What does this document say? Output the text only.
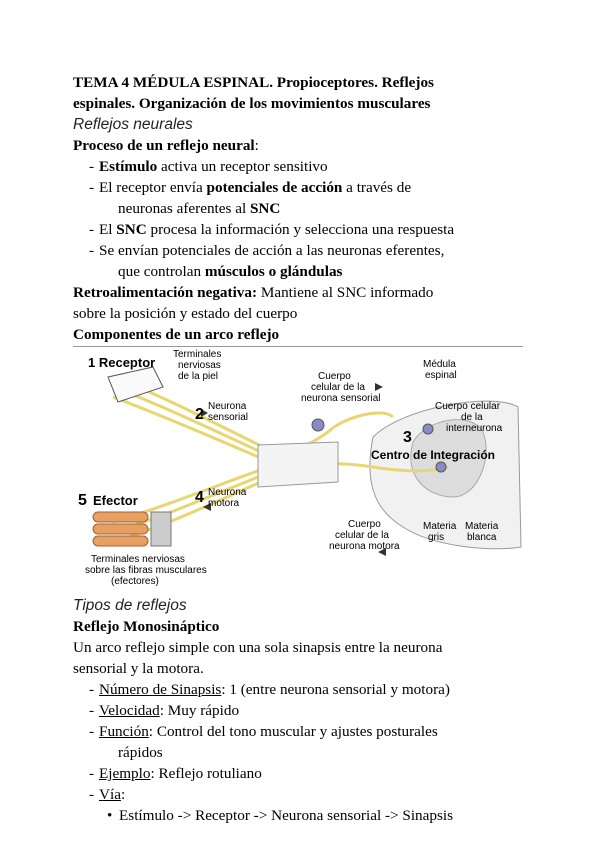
TEMA 4 MÉDULA ESPINAL. Propioceptores. Reflejos
espinales. Organización de los movimientos musculares
Reflejos neurales
Proceso de un reflejo neural:
- Estímulo activa un receptor sensitivo
- El receptor envía potenciales de acción a través de
neuronas aferentes al SNC
- El SNC procesa la información y selecciona una respuesta
- Se envían potenciales de acción a las neuronas eferentes,
que controlan músculos o glándulas
Retroalimentación negativa: Mantiene al SNC informado
sobre la posición y estado del cuerpo
Componentes de un arco reflejo
1 Receptor
Terminales
nerviosas
de la piel
Neurona
sensorial
Cuerpo
celular de la
neurona sensorial
Médula
espinal
Cuerpo celular
de la
interneurona
Neurona
motora
Cuerpo
celular de la
neurona motora
Materia
gris
Materia
blanca
Terminales nerviosas
sobre las fibras musculares
(efectores)
2
3
Centro de Integración
5 Efector	4
Tipos de reflejos
Reflejo Monosináptico
Un arco reflejo simple con una sola sinapsis entre la neurona
sensorial y la motora.
- Número de Sinapsis: 1 (entre neurona sensorial y motora)
- Velocidad: Muy rápido
- Función: Control del tono muscular y ajustes posturales
rápidos
- Ejemplo: Reflejo rotuliano
- Vía:
• Estímulo -> Receptor -> Neurona sensorial -> Sinapsis
